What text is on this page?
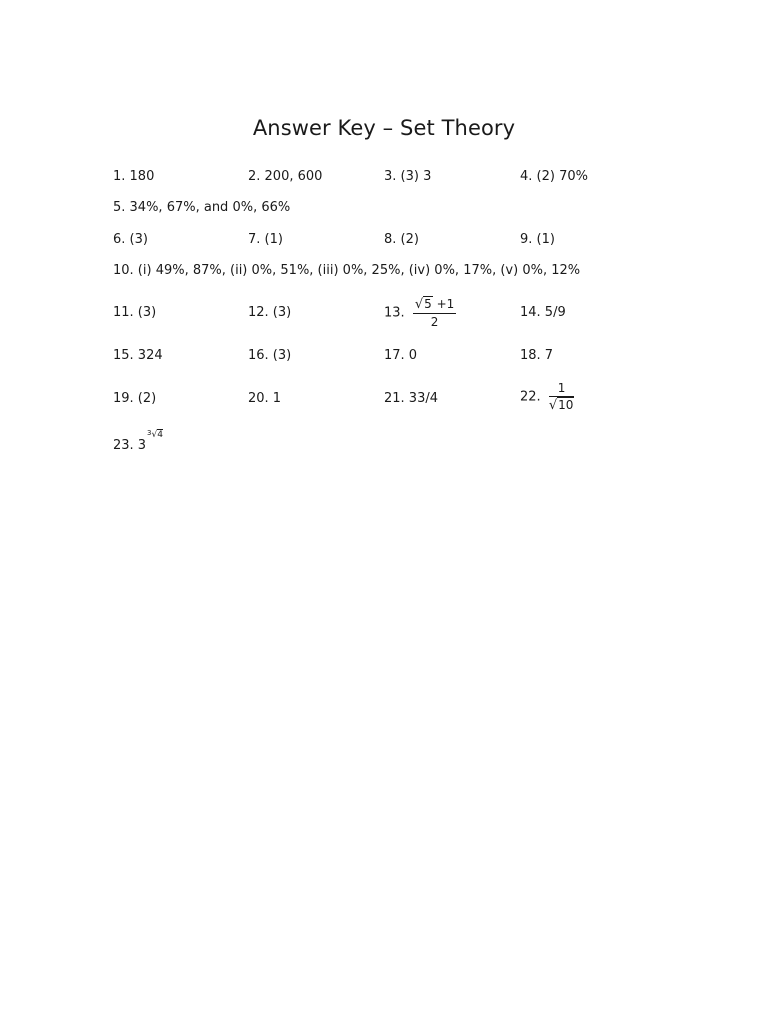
Answer Key – Set Theory
1. 180	2. 200, 600	3. (3) 3	4. (2) 70%
5. 34%, 67%, and 0%, 66%
6. (3)	7. (1)	8. (2)	9. (1)
10. (i) 49%, 87%, (ii) 0%, 51%, (iii) 0%, 25%, (iv) 0%, 17%, (v) 0%, 12%
11. (3)	12. (3)	13. $\frac{√5 +1}{2}$	14. 5/9
15. 324	16. (3)	17. 0	18. 7
19. (2)	20. 1	21. 33/4	22. $\frac{1}{√10}$
23. 3
$^3$√4
